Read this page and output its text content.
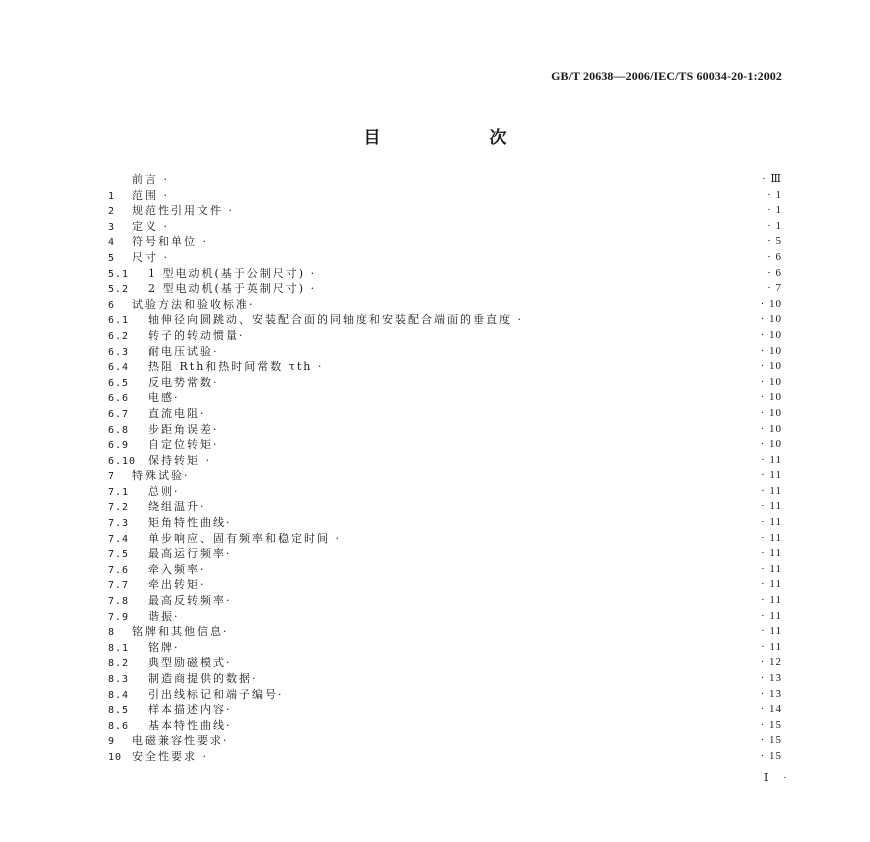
GB/T 20638—2006/IEC/TS 60034-20-1:2002
目　次
前言 ·	· Ⅲ
1 范围 ·	· 1
2 规范性引用文件 ·	· 1
3 定义 ·	· 1
4 符号和单位 ·	· 5
5 尺寸 ·	· 6
5.1 1 型电动机(基于公制尺寸) ·	· 6
5.2 2 型电动机(基于英制尺寸) ·	· 7
6 试验方法和验收标准·	· 10
6.1 轴伸径向圆跳动、安装配合面的同轴度和安装配合端面的垂直度 ·	· 10
6.2 转子的转动惯量·	· 10
6.3 耐电压试验·	· 10
6.4 热阻 Rth和热时间常数 τth ·	· 10
6.5 反电势常数·	· 10
6.6 电感·	· 10
6.7 直流电阻·	· 10
6.8 步距角误差·	· 10
6.9 自定位转矩·	· 10
6.10 保持转矩 ·	· 11
7 特殊试验·	· 11
7.1 总则·	· 11
7.2 绕组温升·	· 11
7.3 矩角特性曲线·	· 11
7.4 单步响应、固有频率和稳定时间 ·	· 11
7.5 最高运行频率·	· 11
7.6 牵入频率·	· 11
7.7 牵出转矩·	· 11
7.8 最高反转频率·	· 11
7.9 谐振·	· 11
8 铭牌和其他信息·	· 11
8.1 铭牌·	· 11
8.2 典型励磁模式·	· 12
8.3 制造商提供的数据·	· 13
8.4 引出线标记和端子编号·	· 13
8.5 样本描述内容·	· 14
8.6 基本特性曲线·	· 15
9 电磁兼容性要求·	· 15
10 安全性要求 ·	· 15
Ⅰ ·
